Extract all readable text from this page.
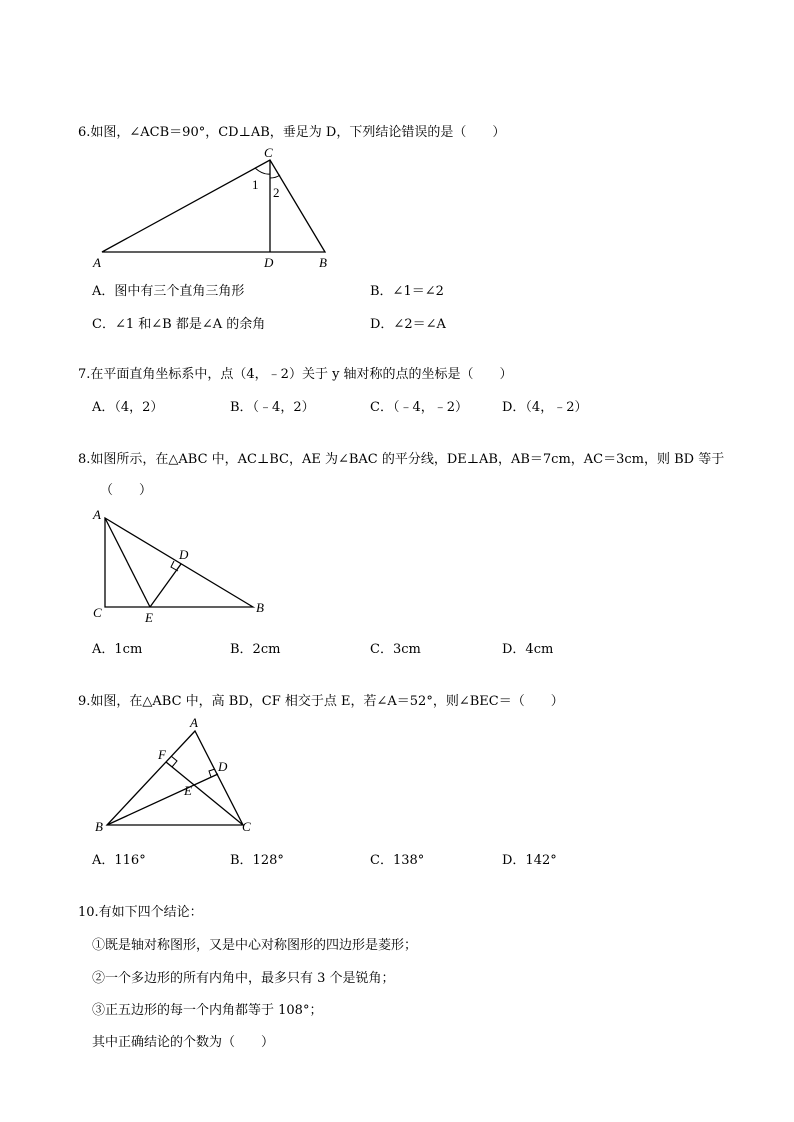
6.如图，∠ACB＝90°，CD⊥AB，垂足为 D，下列结论错误的是（　　）
C
1
2
A	D	B
A．图中有三个直角三角形	B．∠1＝∠2
C．∠1 和∠B 都是∠A 的余角	D．∠2＝∠A
7.在平面直角坐标系中，点（4，﹣2）关于 y 轴对称的点的坐标是（　　）
A．（4，2）	B．（﹣4，2）	C．（﹣4，﹣2）	D．（4，﹣2）
8.如图所示，在△ABC 中，AC⊥BC，AE 为∠BAC 的平分线，DE⊥AB，AB＝7cm，AC＝3cm，则 BD 等于
（　　）
A
D
C	E
B
A．1cm	B．2cm	C．3cm	D．4cm
9.如图，在△ABC 中，高 BD，CF 相交于点 E，若∠A＝52°，则∠BEC＝（　　）
A
F
D
E
B	C
A．116°	B．128°	C．138°	D．142°
10.有如下四个结论：
①既是轴对称图形，又是中心对称图形的四边形是菱形；
②一个多边形的所有内角中，最多只有 3 个是锐角；
③正五边形的每一个内角都等于 108°；
其中正确结论的个数为（　　）
